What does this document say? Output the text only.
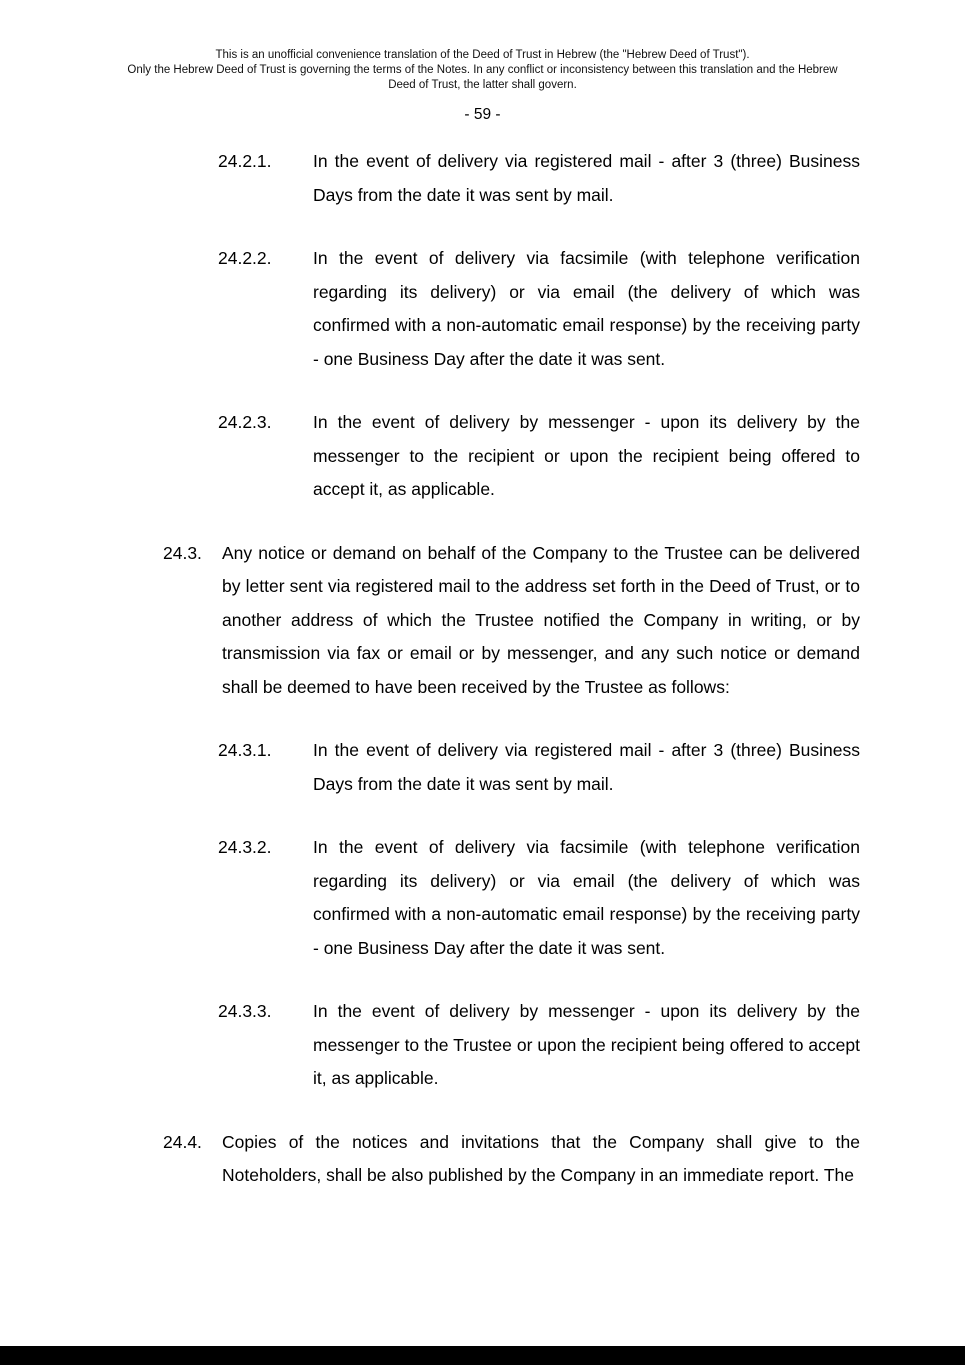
This is an unofficial convenience translation of the Deed of Trust in Hebrew (the "Hebrew Deed of Trust").
Only the Hebrew Deed of Trust is governing the terms of the Notes. In any conflict or inconsistency between this translation and the Hebrew
Deed of Trust, the latter shall govern.
- 59 -
24.2.1.	In the event of delivery via registered mail - after 3 (three) Business Days from the date it was sent by mail.
24.2.2.	In the event of delivery via facsimile (with telephone verification regarding its delivery) or via email (the delivery of which was confirmed with a non-automatic email response) by the receiving party - one Business Day after the date it was sent.
24.2.3.	In the event of delivery by messenger - upon its delivery by the messenger to the recipient or upon the recipient being offered to accept it, as applicable.
24.3.	Any notice or demand on behalf of the Company to the Trustee can be delivered by letter sent via registered mail to the address set forth in the Deed of Trust, or to another address of which the Trustee notified the Company in writing, or by transmission via fax or email or by messenger, and any such notice or demand shall be deemed to have been received by the Trustee as follows:
24.3.1.	In the event of delivery via registered mail - after 3 (three) Business Days from the date it was sent by mail.
24.3.2.	In the event of delivery via facsimile (with telephone verification regarding its delivery) or via email (the delivery of which was confirmed with a non-automatic email response) by the receiving party - one Business Day after the date it was sent.
24.3.3.	In the event of delivery by messenger - upon its delivery by the messenger to the Trustee or upon the recipient being offered to accept it, as applicable.
24.4.	Copies of the notices and invitations that the Company shall give to the Noteholders, shall be also published by the Company in an immediate report. The
